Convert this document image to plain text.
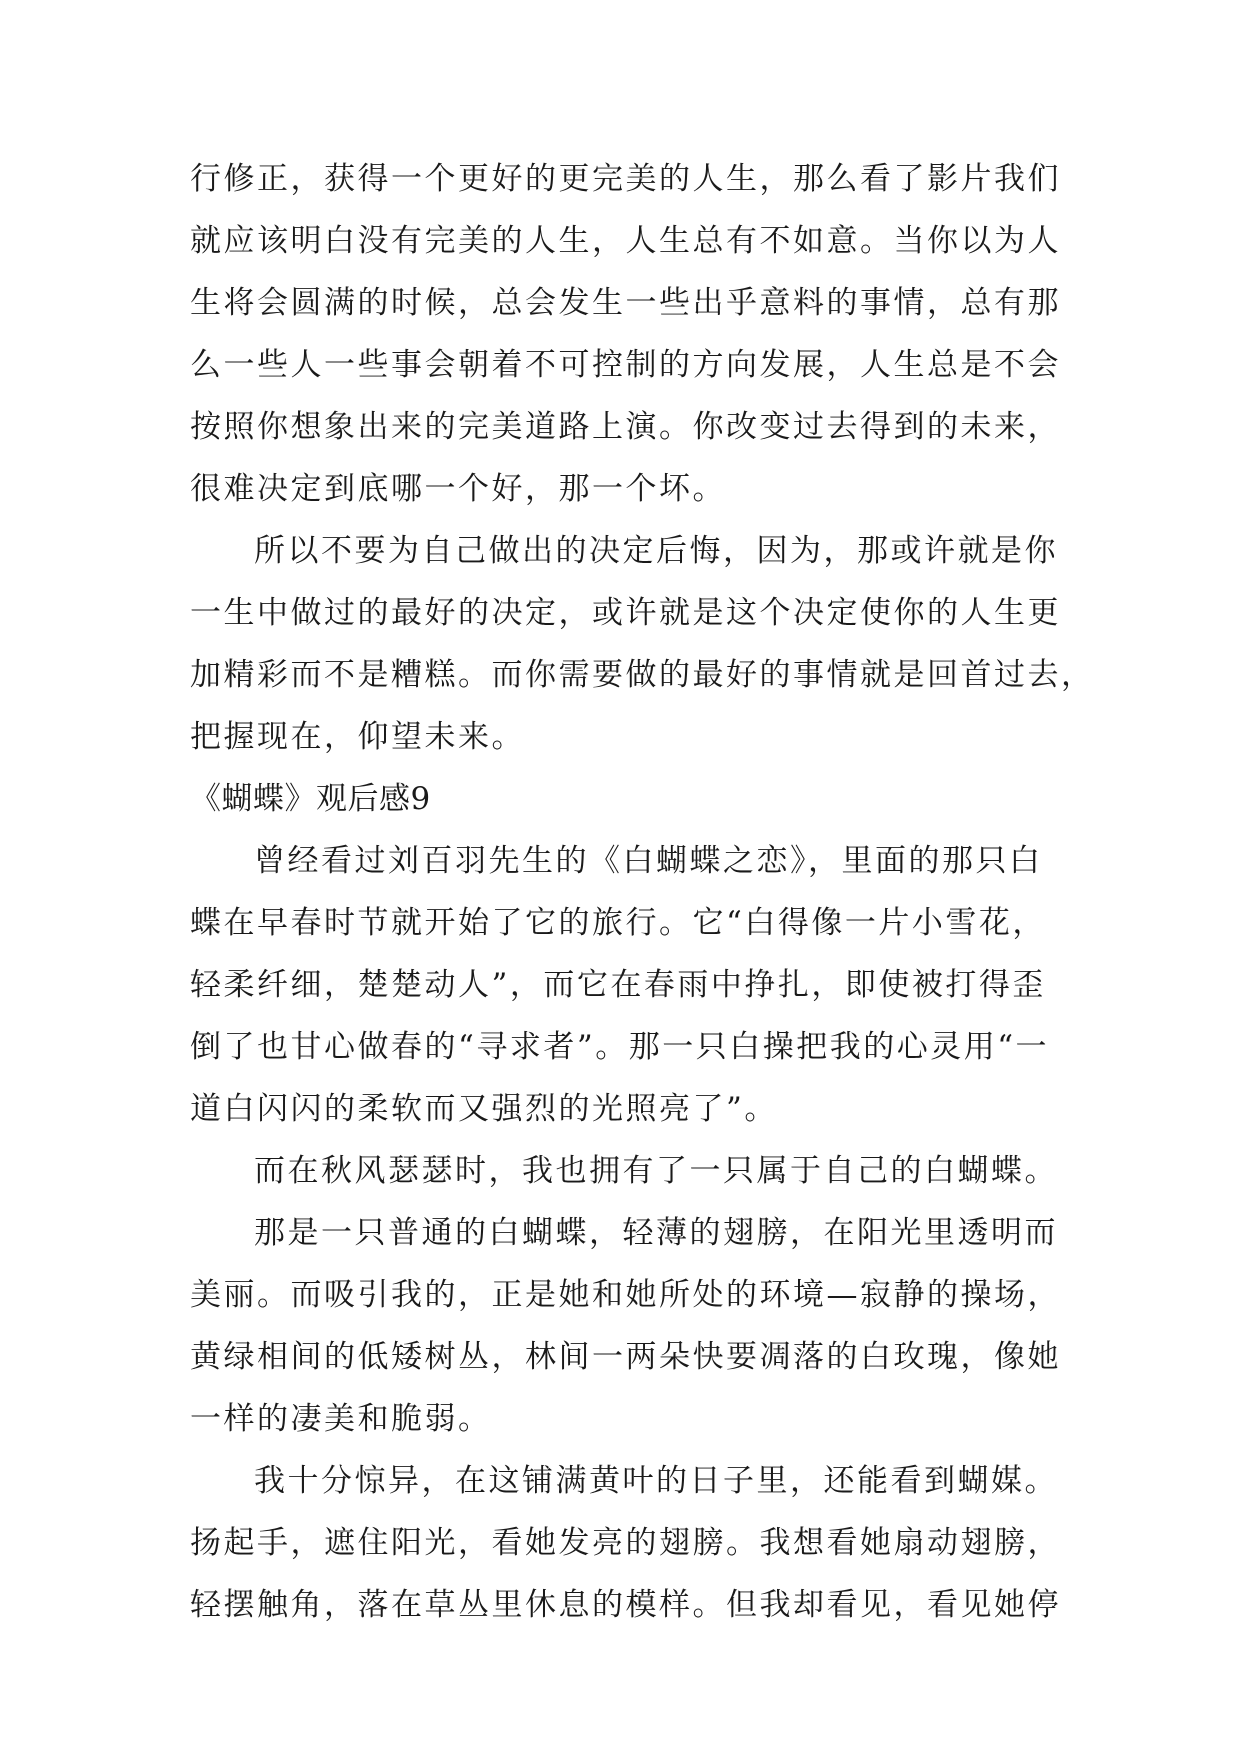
行修正，获得一个更好的更完美的人生，那么看了影片我们
就应该明白没有完美的人生，人生总有不如意。当你以为人
生将会圆满的时候，总会发生一些出乎意料的事情，总有那
么一些人一些事会朝着不可控制的方向发展，人生总是不会
按照你想象出来的完美道路上演。你改变过去得到的未来，
很难决定到底哪一个好，那一个坏。
所以不要为自己做出的决定后悔，因为，那或许就是你
一生中做过的最好的决定，或许就是这个决定使你的人生更
加精彩而不是糟糕。而你需要做的最好的事情就是回首过去，
把握现在，仰望未来。
《蝴蝶》观后感9
曾经看过刘百羽先生的《白蝴蝶之恋》，里面的那只白
蝶在早春时节就开始了它的旅行。它“白得像一片小雪花，
轻柔纤细，楚楚动人”，而它在春雨中挣扎，即使被打得歪
倒了也甘心做春的“寻求者”。那一只白操把我的心灵用“一
道白闪闪的柔软而又强烈的光照亮了”。
而在秋风瑟瑟时，我也拥有了一只属于自己的白蝴蝶。
那是一只普通的白蝴蝶，轻薄的翅膀，在阳光里透明而
美丽。而吸引我的，正是她和她所处的环境—寂静的操场，
黄绿相间的低矮树丛，林间一两朵快要凋落的白玫瑰，像她
一样的凄美和脆弱。
我十分惊异，在这铺满黄叶的日子里，还能看到蝴媒。
扬起手，遮住阳光，看她发亮的翅膀。我想看她扇动翅膀，
轻摆触角，落在草丛里休息的模样。但我却看见，看见她停
